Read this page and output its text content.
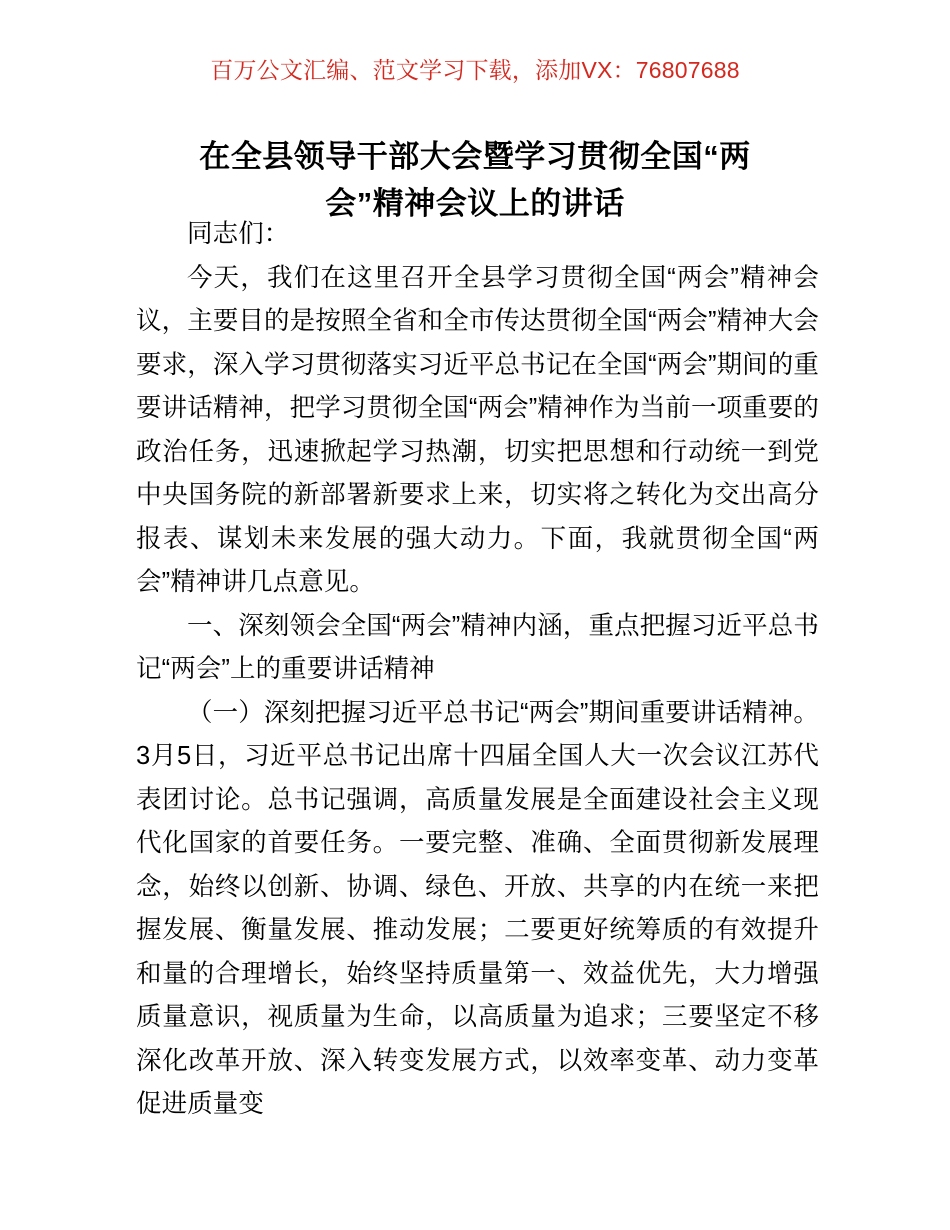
百万公文汇编、范文学习下载，添加VX：76807688
在全县领导干部大会暨学习贯彻全国“两会”精神会议上的讲话

同志们：

今天，我们在这里召开全县学习贯彻全国“两会”精神会议，主要目的是按照全省和全市传达贯彻全国“两会”精神大会要求，深入学习贯彻落实习近平总书记在全国“两会”期间的重要讲话精神，把学习贯彻全国“两会”精神作为当前一项重要的政治任务，迅速掀起学习热潮，切实把思想和行动统一到党中央国务院的新部署新要求上来，切实将之转化为交出高分报表、谋划未来发展的强大动力。下面，我就贯彻全国“两会”精神讲几点意见。

一、深刻领会全国“两会”精神内涵，重点把握习近平总书记“两会”上的重要讲话精神

（一）深刻把握习近平总书记“两会”期间重要讲话精神。3月5日，习近平总书记出席十四届全国人大一次会议江苏代表团讨论。总书记强调，高质量发展是全面建设社会主义现代化国家的首要任务。一要完整、准确、全面贯彻新发展理念，始终以创新、协调、绿色、开放、共享的内在统一来把握发展、衡量发展、推动发展；二要更好统筹质的有效提升和量的合理增长，始终坚持质量第一、效益优先，大力增强质量意识，视质量为生命，以高质量为追求；三要坚定不移深化改革开放、深入转变发展方式，以效率变革、动力变革促进质量变
